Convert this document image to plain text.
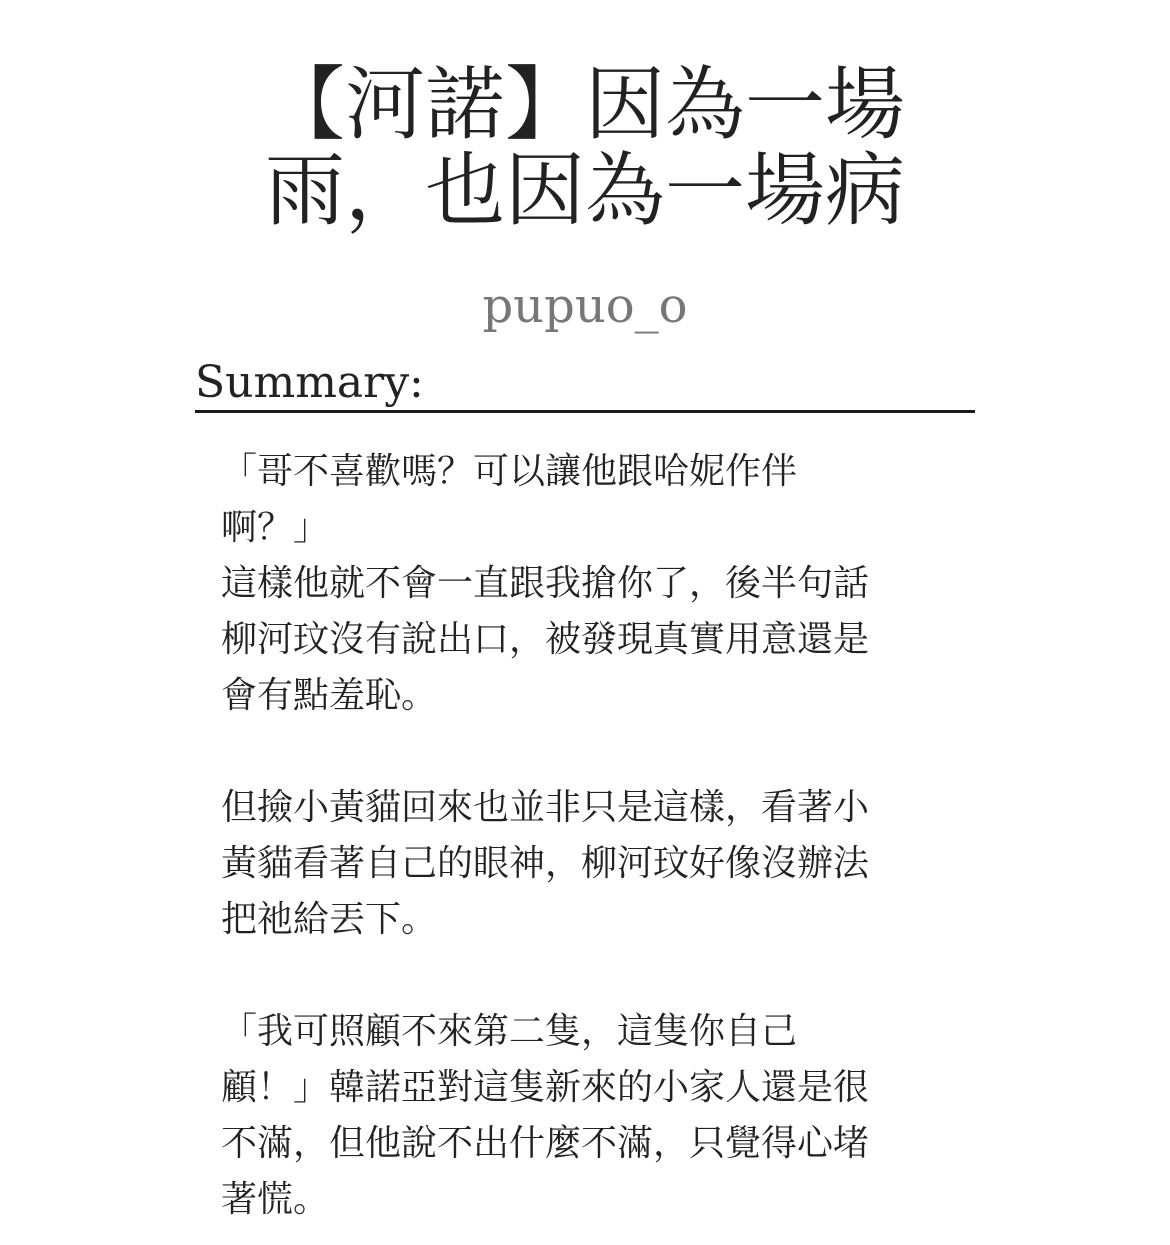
【河諾】因為一場
雨，也因為一場病
pupuo_o
Summary:

「哥不喜歡嗎？可以讓他跟哈妮作伴
啊？」
這樣他就不會一直跟我搶你了，後半句話
柳河玟沒有說出口，被發現真實用意還是
會有點羞恥。

但撿小黃貓回來也並非只是這樣，看著小
黃貓看著自己的眼神，柳河玟好像沒辦法
把祂給丟下。

「我可照顧不來第二隻，這隻你自己
顧！」韓諾亞對這隻新來的小家人還是很
不滿，但他說不出什麼不滿，只覺得心堵
著慌。
